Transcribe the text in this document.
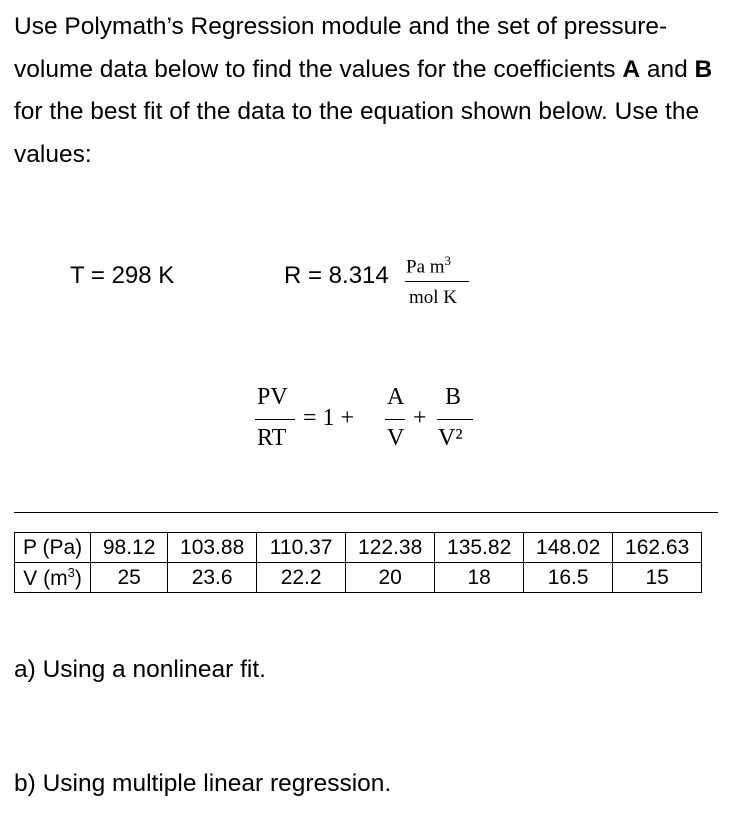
Use Polymath’s Regression module and the set of pressure-volume data below to find the values for the coefficients A and B for the best fit of the data to the equation shown below. Use the values:
T = 298 K	R = 8.314 Pa $m^3$
mol K
PV
RT
= 1 +
A
V
+
B
V²
P (Pa)	98.12	103.88	110.37	122.38	135.82	148.02	162.63
V $(m^3)$	25	23.6	22.2	20	18	16.5	15
a) Using a nonlinear fit.
b) Using multiple linear regression.
